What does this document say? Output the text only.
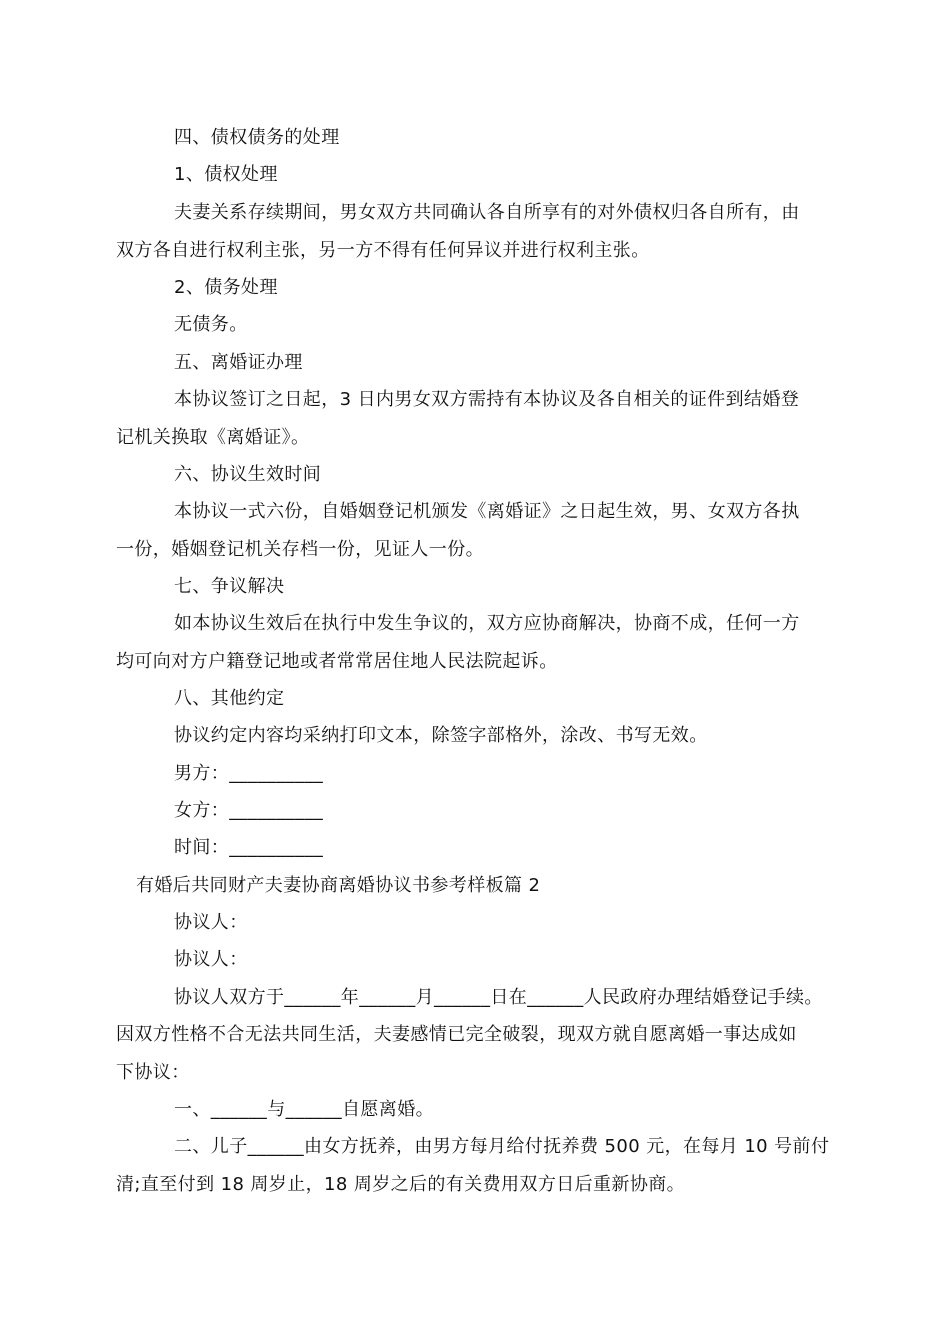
四、债权债务的处理
1、债权处理
夫妻关系存续期间，男女双方共同确认各自所享有的对外债权归各自所有，由
双方各自进行权利主张，另一方不得有任何异议并进行权利主张。
2、债务处理
无债务。
五、离婚证办理
本协议签订之日起，3 日内男女双方需持有本协议及各自相关的证件到结婚登
记机关换取《离婚证》。
六、协议生效时间
本协议一式六份，自婚姻登记机颁发《离婚证》之日起生效，男、女双方各执
一份，婚姻登记机关存档一份，见证人一份。
七、争议解决
如本协议生效后在执行中发生争议的，双方应协商解决，协商不成，任何一方
均可向对方户籍登记地或者常常居住地人民法院起诉。
八、其他约定
协议约定内容均采纳打印文本，除签字部格外，涂改、书写无效。
男方：__________
女方：__________
时间：__________
有婚后共同财产夫妻协商离婚协议书参考样板篇 2
协议人：
协议人：
协议人双方于______年______月______日在______人民政府办理结婚登记手续。
因双方性格不合无法共同生活，夫妻感情已完全破裂，现双方就自愿离婚一事达成如
下协议：
一、______与______自愿离婚。
二、儿子______由女方抚养，由男方每月给付抚养费 500 元，在每月 10 号前付
清;直至付到 18 周岁止，18 周岁之后的有关费用双方日后重新协商。
